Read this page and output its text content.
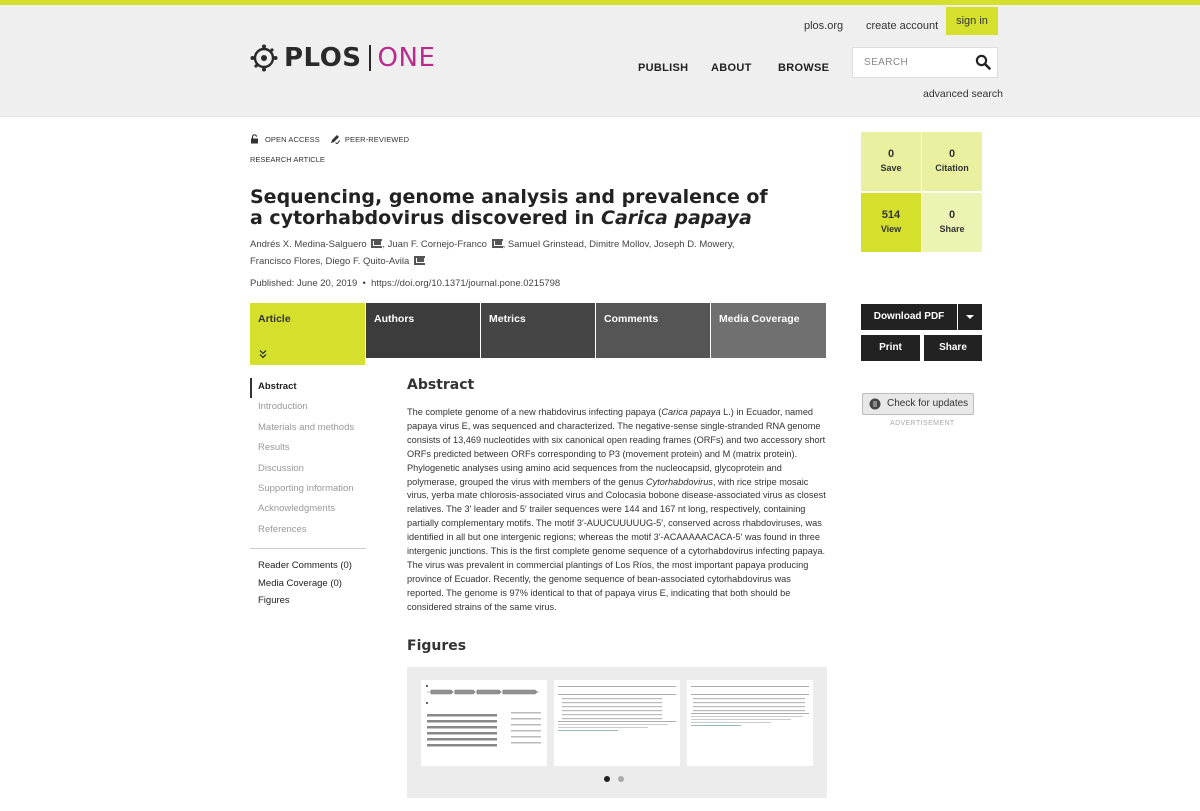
plos.org create account	sign in
PLOS ONE	PUBLISH ABOUT BROWSE
SEARCH
advanced search
OPEN ACCESS	PEER-REVIEWED
RESEARCH ARTICLE
Sequencing, genome analysis and prevalence of a cytorhabdovirus discovered in Carica papaya
Andrés X. Medina-Salguero , Juan F. Cornejo-Franco , Samuel Grinstead, Dimitre Mollov, Joseph D. Mowery,
Francisco Flores, Diego F. Quito-Avila
Published: June 20, 2019 • https://doi.org/10.1371/journal.pone.0215798
0
Save
0
Citation
514
View
0
Share
Article	Authors	Metrics	Comments	Media Coverage	Download PDF
Print	Share
Check for updates
ADVERTISEMENT
Abstract
Introduction
Materials and methods
Results
Discussion
Supporting information
Acknowledgments
References
Reader Comments (0)
Media Coverage (0)
Figures
Abstract

The complete genome of a new rhabdovirus infecting papaya (Carica papaya L.) in Ecuador, named papaya virus E, was sequenced and characterized. The negative-sense single-stranded RNA genome consists of 13,469 nucleotides with six canonical open reading frames (ORFs) and two accessory short ORFs predicted between ORFs corresponding to P3 (movement protein) and M (matrix protein). Phylogenetic analyses using amino acid sequences from the nucleocapsid, glycoprotein and polymerase, grouped the virus with members of the genus Cytorhabdovirus, with rice stripe mosaic virus, yerba mate chlorosis-associated virus and Colocasia bobone disease-associated virus as closest relatives. The 3′ leader and 5′ trailer sequences were 144 and 167 nt long, respectively, containing partially complementary motifs. The motif 3′-AUUCUUUUUG-5′, conserved across rhabdoviruses, was identified in all but one intergenic regions; whereas the motif 3′-ACAAAAACACA-5′ was found in three intergenic junctions. This is the first complete genome sequence of a cytorhabdovirus infecting papaya. The virus was prevalent in commercial plantings of Los Ríos, the most important papaya producing province of Ecuador. Recently, the genome sequence of bean-associated cytorhabdovirus was reported. The genome is 97% identical to that of papaya virus E, indicating that both should be considered strains of the same virus.

Figures
